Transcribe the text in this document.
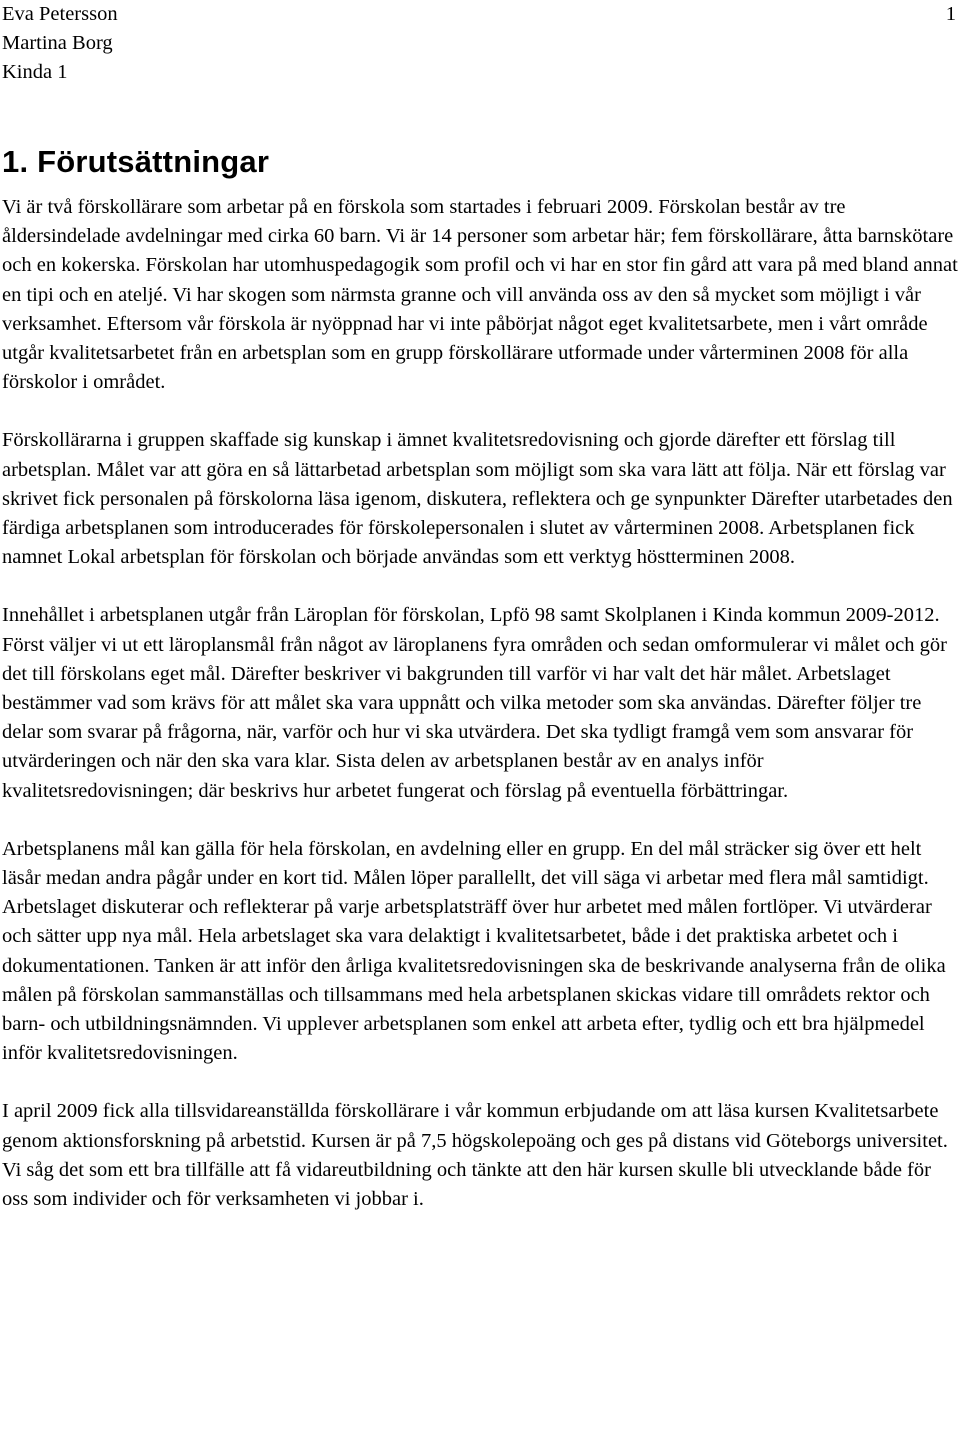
Eva Petersson
Martina Borg
Kinda 1
1
1. Förutsättningar

Vi är två förskollärare som arbetar på en förskola som startades i februari 2009. Förskolan består av tre åldersindelade avdelningar med cirka 60 barn. Vi är 14 personer som arbetar här; fem förskollärare, åtta barnskötare och en kokerska. Förskolan har utomhuspedagogik som profil och vi har en stor fin gård att vara på med bland annat en tipi och en ateljé. Vi har skogen som närmsta granne och vill använda oss av den så mycket som möjligt i vår verksamhet. Eftersom vår förskola är nyöppnad har vi inte påbörjat något eget kvalitetsarbete, men i vårt område utgår kvalitetsarbetet från en arbetsplan som en grupp förskollärare utformade under vårterminen 2008 för alla förskolor i området.

Förskollärarna i gruppen skaffade sig kunskap i ämnet kvalitetsredovisning och gjorde därefter ett förslag till arbetsplan. Målet var att göra en så lättarbetad arbetsplan som möjligt som ska vara lätt att följa. När ett förslag var skrivet fick personalen på förskolorna läsa igenom, diskutera, reflektera och ge synpunkter Därefter utarbetades den färdiga arbetsplanen som introducerades för förskolepersonalen i slutet av vårterminen 2008. Arbetsplanen fick namnet Lokal arbetsplan för förskolan och började användas som ett verktyg höstterminen 2008.

Innehållet i arbetsplanen utgår från Läroplan för förskolan, Lpfö 98 samt Skolplanen i Kinda kommun 2009-2012. Först väljer vi ut ett läroplansmål från något av läroplanens fyra områden och sedan omformulerar vi målet och gör det till förskolans eget mål. Därefter beskriver vi bakgrunden till varför vi har valt det här målet. Arbetslaget bestämmer vad som krävs för att målet ska vara uppnått och vilka metoder som ska användas. Därefter följer tre delar som svarar på frågorna, när, varför och hur vi ska utvärdera. Det ska tydligt framgå vem som ansvarar för utvärderingen och när den ska vara klar. Sista delen av arbetsplanen består av en analys inför kvalitetsredovisningen; där beskrivs hur arbetet fungerat och förslag på eventuella förbättringar.

Arbetsplanens mål kan gälla för hela förskolan, en avdelning eller en grupp. En del mål sträcker sig över ett helt läsår medan andra pågår under en kort tid. Målen löper parallellt, det vill säga vi arbetar med flera mål samtidigt. Arbetslaget diskuterar och reflekterar på varje arbetsplatsträff över hur arbetet med målen fortlöper. Vi utvärderar och sätter upp nya mål. Hela arbetslaget ska vara delaktigt i kvalitetsarbetet, både i det praktiska arbetet och i dokumentationen. Tanken är att inför den årliga kvalitetsredovisningen ska de beskrivande analyserna från de olika målen på förskolan sammanställas och tillsammans med hela arbetsplanen skickas vidare till områdets rektor och barn- och utbildningsnämnden. Vi upplever arbetsplanen som enkel att arbeta efter, tydlig och ett bra hjälpmedel inför kvalitetsredovisningen.

I april 2009 fick alla tillsvidareanställda förskollärare i vår kommun erbjudande om att läsa kursen Kvalitetsarbete genom aktionsforskning på arbetstid. Kursen är på 7,5 högskolepoäng och ges på distans vid Göteborgs universitet. Vi såg det som ett bra tillfälle att få vidareutbildning och tänkte att den här kursen skulle bli utvecklande både för oss som individer och för verksamheten vi jobbar i.
